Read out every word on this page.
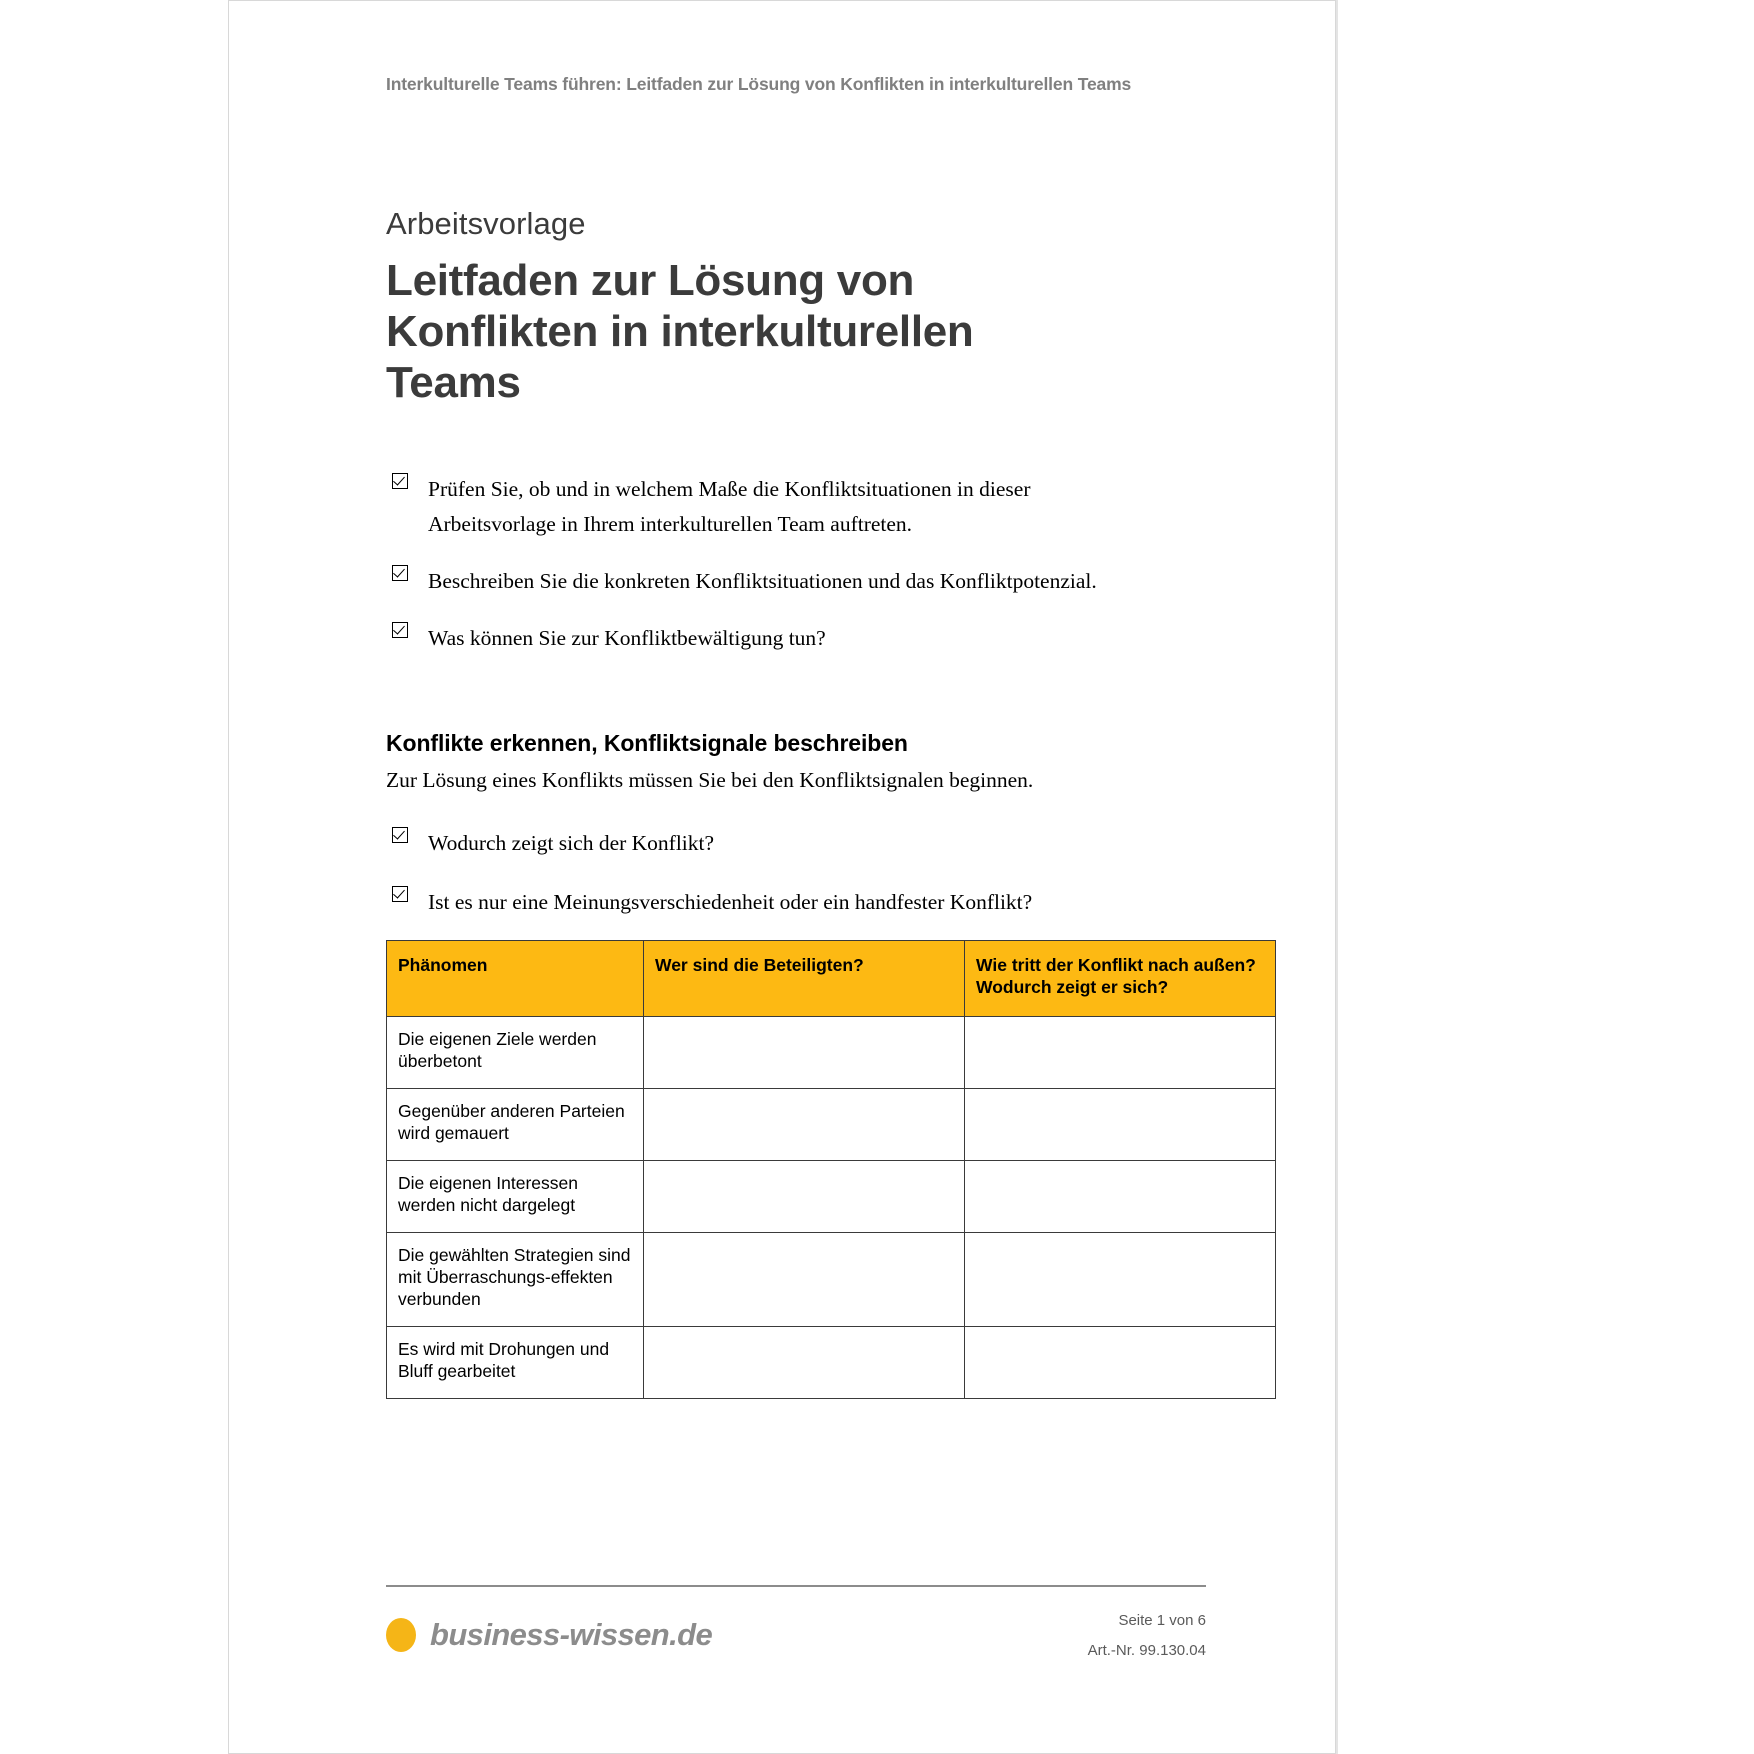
Interkulturelle Teams führen: Leitfaden zur Lösung von Konflikten in interkulturellen Teams
Arbeitsvorlage
Leitfaden zur Lösung von Konflikten in interkulturellen Teams
Prüfen Sie, ob und in welchem Maße die Konfliktsituationen in dieser Arbeitsvorlage in Ihrem interkulturellen Team auftreten.
Beschreiben Sie die konkreten Konfliktsituationen und das Konfliktpotenzial.
Was können Sie zur Konfliktbewältigung tun?
Konflikte erkennen, Konfliktsignale beschreiben
Zur Lösung eines Konflikts müssen Sie bei den Konfliktsignalen beginnen.
Wodurch zeigt sich der Konflikt?
Ist es nur eine Meinungsverschiedenheit oder ein handfester Konflikt?
Phänomen	Wer sind die Beteiligten?	Wie tritt der Konflikt nach außen? Wodurch zeigt er sich?
Die eigenen Ziele werden überbetont		
Gegenüber anderen Parteien wird gemauert		
Die eigenen Interessen werden nicht dargelegt		
Die gewählten Strategien sind mit Überraschungs-effekten verbunden		
Es wird mit Drohungen und Bluff gearbeitet		
business-wissen.de	Seite 1 von 6
Art.-Nr. 99.130.04
